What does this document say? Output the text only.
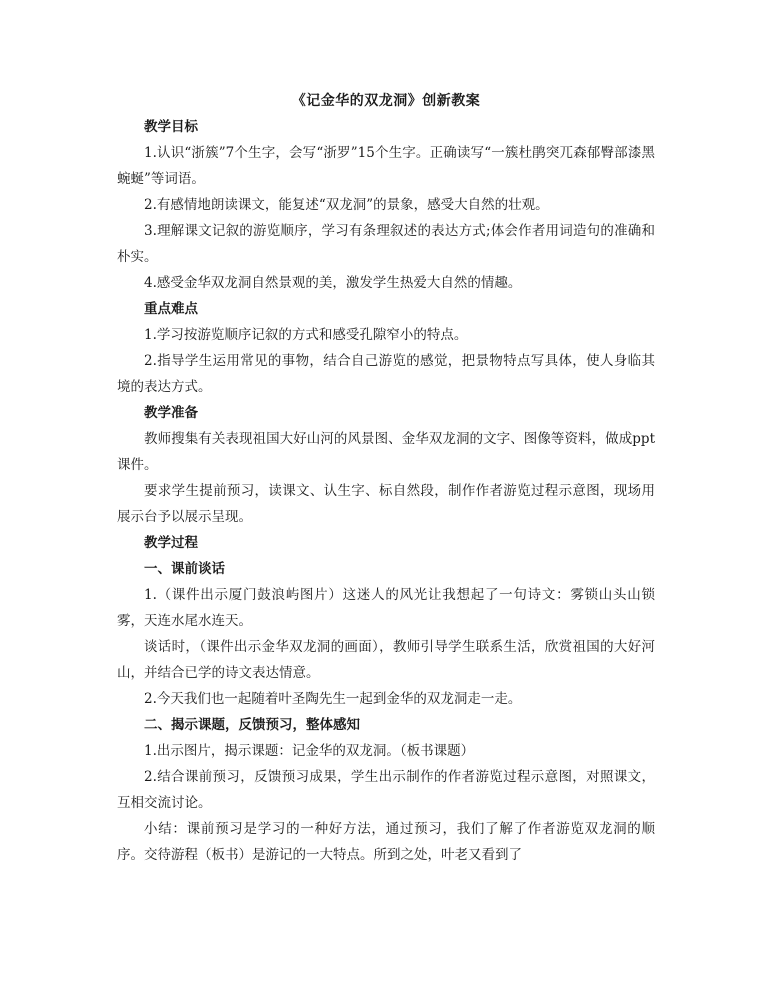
《记金华的双龙洞》创新教案

教学目标

1.认识“浙簇”7个生字，会写“浙罗”15个生字。正确读写“一簇杜鹃突兀森郁臀部漆黑蜿蜒”等词语。

2.有感情地朗读课文，能复述“双龙洞”的景象，感受大自然的壮观。

3.理解课文记叙的游览顺序，学习有条理叙述的表达方式;体会作者用词造句的准确和朴实。

4.感受金华双龙洞自然景观的美，激发学生热爱大自然的情趣。

重点难点

1.学习按游览顺序记叙的方式和感受孔隙窄小的特点。

2.指导学生运用常见的事物，结合自己游览的感觉，把景物特点写具体，使人身临其境的表达方式。

教学准备

教师搜集有关表现祖国大好山河的风景图、金华双龙洞的文字、图像等资料，做成ppt课件。

要求学生提前预习，读课文、认生字、标自然段，制作作者游览过程示意图，现场用展示台予以展示呈现。

教学过程

一、课前谈话

1.（课件出示厦门鼓浪屿图片）这迷人的风光让我想起了一句诗文：雾锁山头山锁雾，天连水尾水连天。

谈话时，（课件出示金华双龙洞的画面），教师引导学生联系生活，欣赏祖国的大好河山，并结合已学的诗文表达情意。

2.今天我们也一起随着叶圣陶先生一起到金华的双龙洞走一走。

二、揭示课题，反馈预习，整体感知

1.出示图片，揭示课题：记金华的双龙洞。（板书课题）

2.结合课前预习，反馈预习成果，学生出示制作的作者游览过程示意图，对照课文，互相交流讨论。

小结：课前预习是学习的一种好方法，通过预习，我们了解了作者游览双龙洞的顺序。交待游程（板书）是游记的一大特点。所到之处，叶老又看到了
